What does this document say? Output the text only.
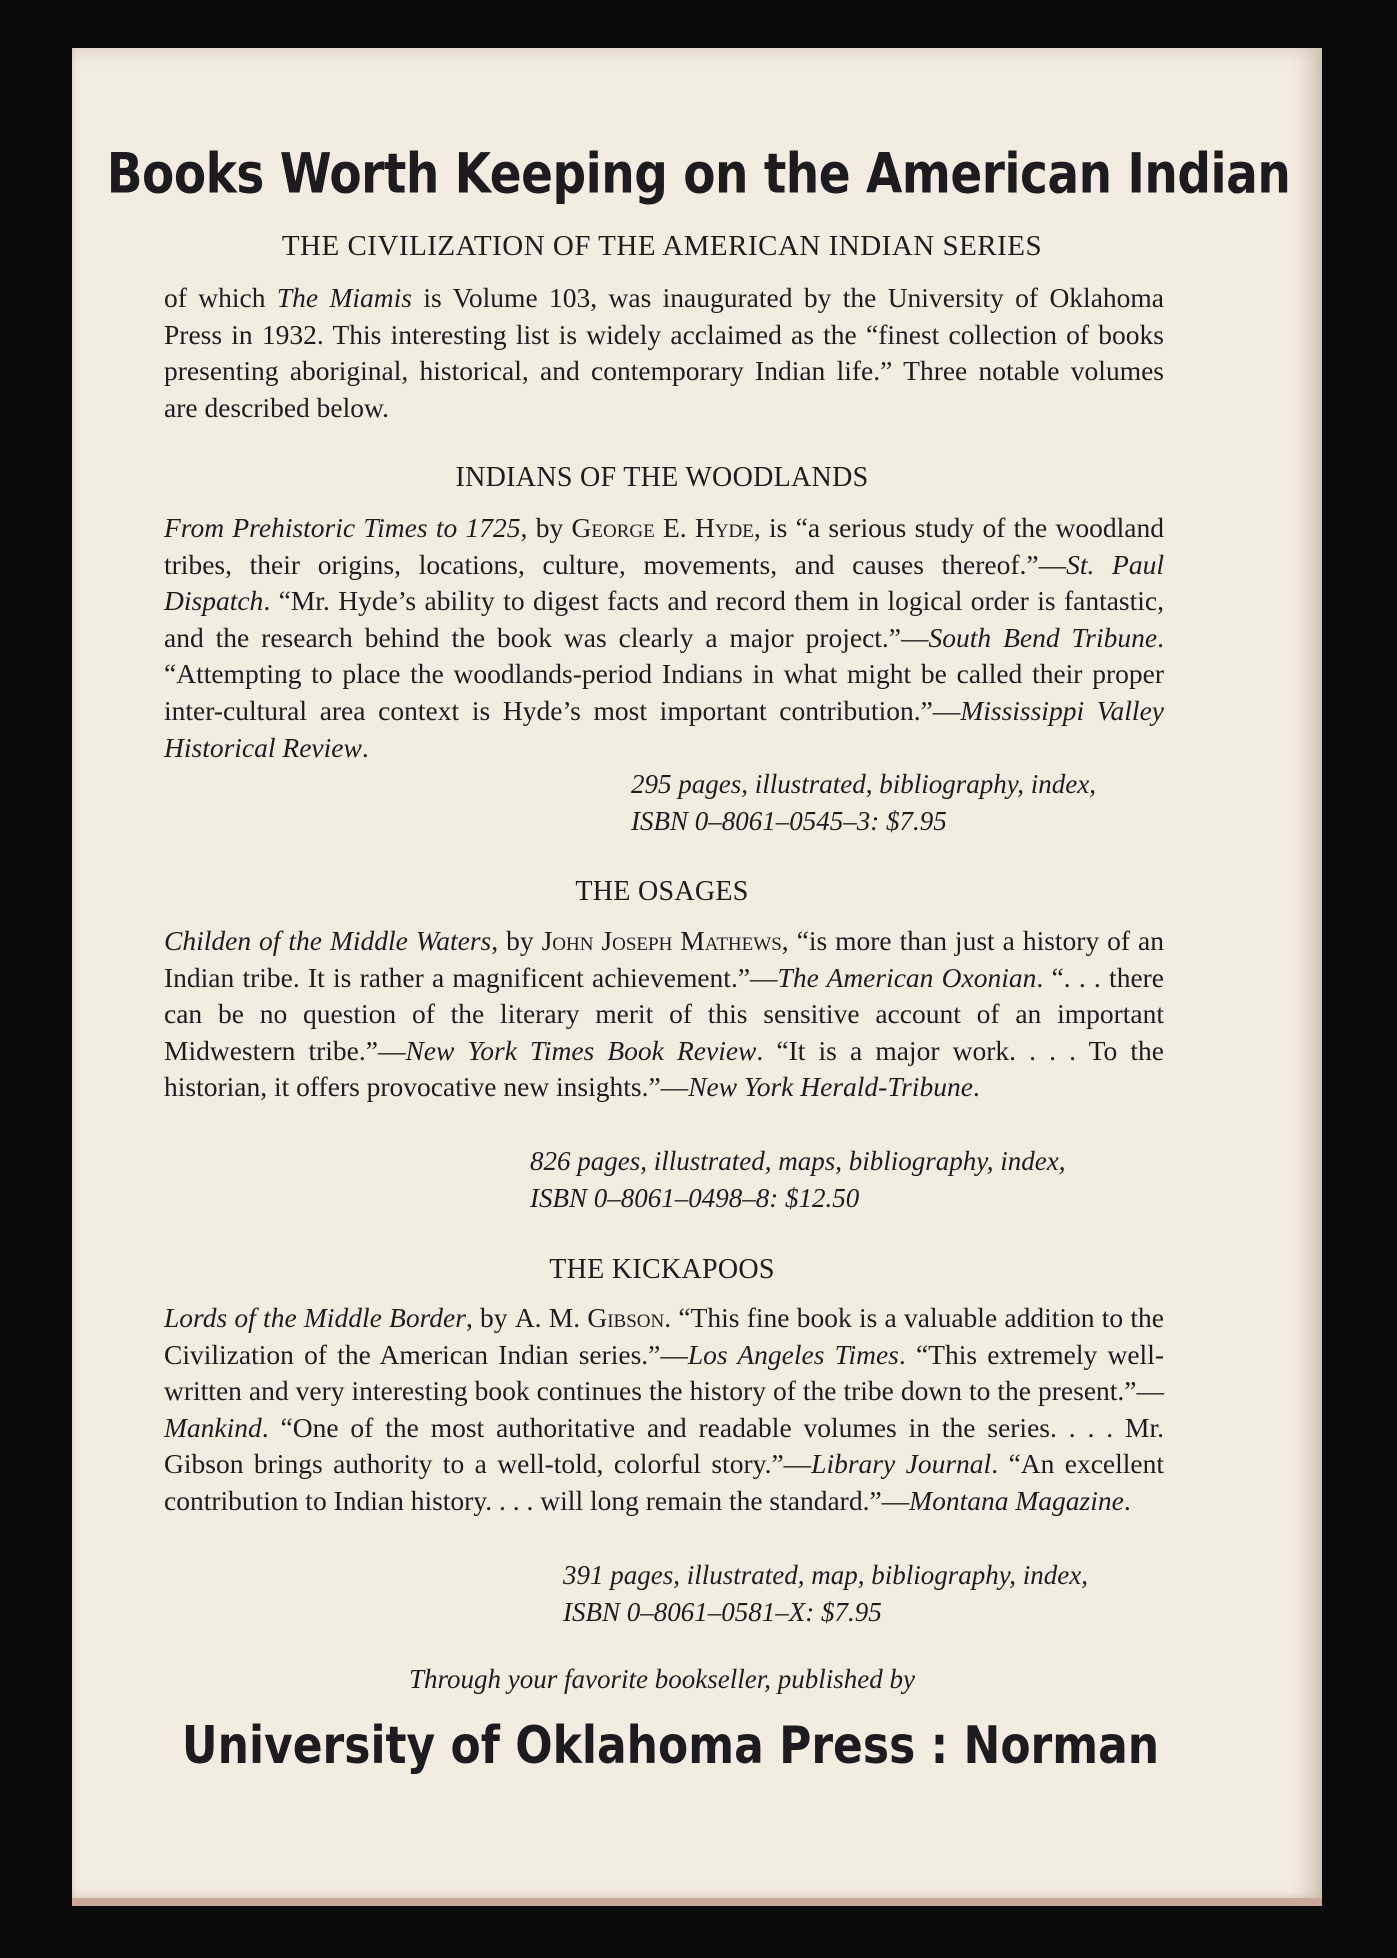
Books Worth Keeping on the American Indian

THE CIVILIZATION OF THE AMERICAN INDIAN SERIES

of which The Miamis is Volume 103, was inaugurated by the University of Oklahoma Press in 1932. This interesting list is widely acclaimed as the “finest collection of books presenting aboriginal, historical, and contemporary Indian life.” Three notable volumes are described below.

INDIANS OF THE WOODLANDS

From Prehistoric Times to 1725, by George E. Hyde, is “a serious study of the woodland tribes, their origins, locations, culture, movements, and causes thereof.”—St. Paul Dispatch. “Mr. Hyde’s ability to digest facts and record them in logical order is fantastic, and the research behind the book was clearly a major project.”—South Bend Tribune. “Attempting to place the woodlands-period Indians in what might be called their proper inter-cultural area context is Hyde’s most important contribution.”—Mississippi Valley Historical Review.

295 pages, illustrated, bibliography, index,
ISBN 0–8061–0545–3: $7.95

THE OSAGES

Childen of the Middle Waters, by John Joseph Mathews, “is more than just a history of an Indian tribe. It is rather a magnificent achievement.”—The American Oxonian. “. . . there can be no question of the literary merit of this sensitive account of an important Midwestern tribe.”—New York Times Book Review. “It is a major work. . . . To the historian, it offers provocative new insights.”—New York Herald-Tribune.

826 pages, illustrated, maps, bibliography, index,
ISBN 0–8061–0498–8: $12.50

THE KICKAPOOS

Lords of the Middle Border, by A. M. Gibson. “This fine book is a valuable addition to the Civilization of the American Indian series.”—Los Angeles Times. “This extremely well-written and very interesting book continues the history of the tribe down to the present.”—Mankind. “One of the most authoritative and readable volumes in the series. . . . Mr. Gibson brings authority to a well-told, colorful story.”—Library Journal. “An excellent contribution to Indian history. . . . will long remain the standard.”—Montana Magazine.

391 pages, illustrated, map, bibliography, index,
ISBN 0–8061–0581–X: $7.95

Through your favorite bookseller, published by

University of Oklahoma Press : Norman
